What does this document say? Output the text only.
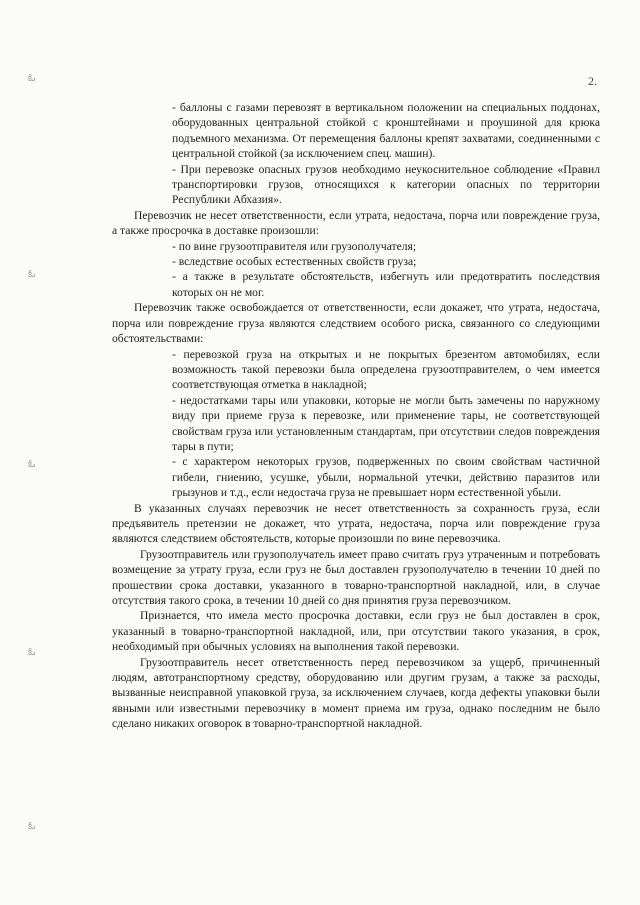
2.
ఓ
ఓ
ఓ
ఓ
ఓ
- баллоны с газами перевозят в вертикальном положении на специальных поддонах, оборудованных центральной стойкой с кронштейнами и проушиной для крюка подъемного механизма. От перемещения баллоны крепят захватами, соединенными с центральной стойкой (за исключением спец. машин).
- При перевозке опасных грузов необходимо неукоснительное соблюдение «Правил транспортировки грузов, относящихся к категории опасных по территории Республики Абхазия».

Перевозчик не несет ответственности, если утрата, недостача, порча или повреждение груза, а также просрочка в доставке произошли:

- по вине грузоотправителя или грузополучателя;
- вследствие особых естественных свойств груза;
- а также в результате обстоятельств, избегнуть или предотвратить последствия которых он не мог.

Перевозчик также освобождается от ответственности, если докажет, что утрата, недостача, порча или повреждение груза являются следствием особого риска, связанного со следующими обстоятельствами:

- перевозкой груза на открытых и не покрытых брезентом автомобилях, если возможность такой перевозки была определена грузоотправителем, о чем имеется соответствующая отметка в накладной;
- недостатками тары или упаковки, которые не могли быть замечены по наружному виду при приеме груза к перевозке, или применение тары, не соответствующей свойствам груза или установленным стандартам, при отсутствии следов повреждения тары в пути;
- с характером некоторых грузов, подверженных по своим свойствам частичной гибели, гниению, усушке, убыли, нормальной утечки, действию паразитов или грызунов и т.д., если недостача груза не превышает норм естественной убыли.

В указанных случаях перевозчик не несет ответственность за сохранность груза, если предъявитель претензии не докажет, что утрата, недостача, порча или повреждение груза являются следствием обстоятельств, которые произошли по вине перевозчика.

Грузоотправитель или грузополучатель имеет право считать груз утраченным и потребовать возмещение за утрату груза, если груз не был доставлен грузополучателю в течении 10 дней по прошествии срока доставки, указанного в товарно-транспортной накладной, или, в случае отсутствия такого срока, в течении 10 дней со дня принятия груза перевозчиком.

Признается, что имела место просрочка доставки, если груз не был доставлен в срок, указанный в товарно-транспортной накладной, или, при отсутствии такого указания, в срок, необходимый при обычных условиях на выполнения такой перевозки.

Грузоотправитель несет ответственность перед перевозчиком за ущерб, причиненный людям, автотранспортному средству, оборудованию или другим грузам, а также за расходы, вызванные неисправной упаковкой груза, за исключением случаев, когда дефекты упаковки были явными или известными перевозчику в момент приема им груза, однако последним не было сделано никаких оговорок в товарно-транспортной накладной.
